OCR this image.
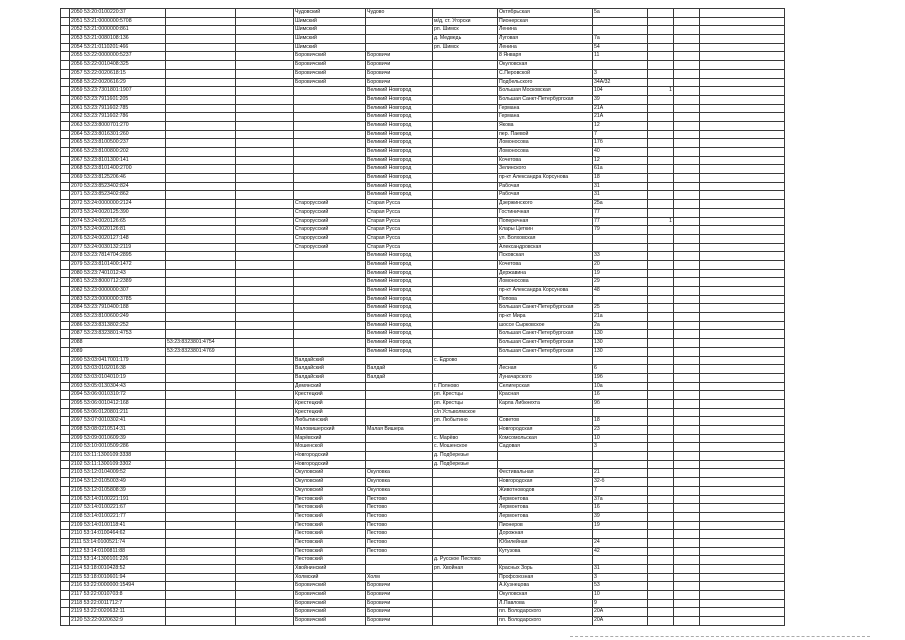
	2050 53:20:0100220:37			Чудовский	Чудово		Октябрьская	5а			
	2051 53:21:0000000:5708			Шимский		м/д, ст. Угорски	Пионерская				
	2052 53:21:0000000:861			Шимский		рп. Шимск	Ленина				
	2053 53:21:0080108:136			Шимский		д. Медведь	Луговая	7а			
	2054 53:21:0110201:466			Шимский		рп. Шимск	Ленина	54			
	2055 53:22:0000000:5237			Боровичский	Боровичи		8 Января	11			
	2056 53:22:0010408:325			Боровичский	Боровичи		Окуловская				
	2057 53:22:0020618:15			Боровичский	Боровичи		С.Перовской	3			
	2058 53:22:0020616:29			Боровичский	Боровичи		Подбельского	34А/32			
	2059 53:23:7301801:1907				Великий Новгород		Большая Московская	104	1		
	2060 53:23:7911601:205				Великий Новгород		Большая Санкт-Петербургская	39			
	2061 53:23:7911602:785				Великий Новгород		Германа	21А			
	2062 53:23:7911602:786				Великий Новгород		Германа	21А			
	2063 53:23:8000701:270				Великий Новгород		Якова	12			
	2064 53:23:8016301:260				Великий Новгород		пер. Паевой	7			
	2065 53:23:8100500:237				Великий Новгород		Ломоносова	17б			
	2066 53:23:8100800:202				Великий Новгород		Ломоносова	40			
	2067 53:23:8101300:141				Великий Новгород		Кочетова	12			
	2068 53:23:8101400:2700				Великий Новгород		Зелинского	61а			
	2069 53:23:8125206:46				Великий Новгород		пр-кт Александра Корсунова	18			
	2070 53:23:8523402:824				Великий Новгород		Рабочая	31			
	2071 53:23:8523402:862				Великий Новгород		Рабочая	31			
	2072 53:24:0000000:2124			Старорусский	Старая Русса		Дзержинского	25а			
	2073 53:24:0020125:390			Старорусский	Старая Русса		Гостиничная	77			
	2074 53:24:0020126:65			Старорусский	Старая Русса		Поперечная	77	1		
	2075 53:24:0020126:81			Старорусский	Старая Русса		Клары Цеткин	79			
	2076 53:24:0020127:148			Старорусский	Старая Русса		ул. Волховская				
	2077 53:24:0030132:2119			Старорусский	Старая Русса		Александровская				
	2078 53:23:7814704:2895				Великий Новгород		Псковская	33			
	2079 53:23:8101400:1472				Великий Новгород		Кочетова	20			
	2080 53:23:7401012:43				Великий Новгород		Державина	19			
	2081 53:23:8000712:2389				Великий Новгород		Ломоносова	29			
	2082 53:23:0000000:307				Великий Новгород		пр-кт Александра Корсунова	48			
	2083 53:23:0000000:3785				Великий Новгород		Попова				
	2084 53:23:7910400:188				Великий Новгород		Большая Санкт-Петербургская	25			
	2085 53:23:8100600:249				Великий Новгород		пр-кт Мира	21а			
	2086 53:23:8313802:252				Великий Новгород		шоссе Сырковское	2а			
	2087 53:23:8323801:4753				Великий Новгород		Большая Санкт-Петербургская	130			
	2088	53:23:8323801:4754			Великий Новгород		Большая Санкт-Петербургская	130			
	2089	53:23:8323801:4769			Великий Новгород		Большая Санкт-Петербургская	130			
	2090 53:03:0417001:179			Валдайский		с. Едрово					
	2091 53:03:0102016:38			Валдайский	Валдай		Лесная	6			
	2092 53:03:0104010:19			Валдайский	Валдай		Луначарского	19б			
	2093 53:05:0130304:43			Демянский		г. Полново	Селигерская	10а			
	2094 53:06:0010310:72			Крестецкий		рп. Крестцы	Красная	16			
	2095 53:06:0010412:168			Крестецкий		рп. Крестцы	Карла Либкнехта	9б			
	2096 53:06:0120801:211			Крестецкий		с/п Устьволмское					
	2097 53:07:0010302:41			Любытинский		рп. Любытино	Советов	18			
	2098 53:08:0210514:31			Маловишерский	Малая Вишера		Новгородская	23			
	2099 53:09:0010609:39			Марёвский		с. Марёво	Комсомольская	10			
	2100 53:10:0010509:286			Мошенской		с. Мошенское	Садовая	3			
	2101 53:11:1300109:3338			Новгородский		д. Подберезье					
	2102 53:11:1300109:3302			Новгородский		д. Подберезье					
	2103 53:12:0104009:52			Окуловский	Окуловка		Фестивальная	21			
	2104 53:12:0105003:49			Окуловский	Окуловка		Новгородская	32-б			
	2105 53:12:0105808:39			Окуловский	Окуловка		Животноводов	7			
	2106 53:14:0100221:191			Пестовский	Пестово		Лермонтова	37а			
	2107 53:14:0100221:67			Пестовский	Пестово		Лермонтова	16			
	2108 53:14:0100221:77			Пестовский	Пестово		Лермонтова	39			
	2109 53:14:0100118:41			Пестовский	Пестово		Пионеров	19			
	2110 53:14:0100464:62			Пестовский	Пестово		Дорожная				
	2111 53:14:0100521:74			Пестовский	Пестово		Юбилейная	24			
	2112 53:14:0100811:88			Пестовский	Пестово		Кутузова	42			
	2113 53:14:1300101:226			Пестовский		д. Русское Пестово					
	2114 53:18:0010428:52			Хвойнинский		рп. Хвойная	Красных Зорь	31			
	2115 53:18:0010601:94			Холмский	Холм		Профсоюзная	3			
	2116 53:22:0000000:15494			Боровичский	Боровичи		А.Кузнецова	53			
	2117 53:22:0010703:8			Боровичский	Боровичи		Окуловская	10			
	2118 53:22:0011712:7			Боровичский	Боровичи		Л.Павлова	9			
	2119 53:22:0020632:11			Боровичский	Боровичи		пл. Володарского	20А			
	2120 53:22:0020632:9			Боровичский	Боровичи		пл. Володарского	20А			
